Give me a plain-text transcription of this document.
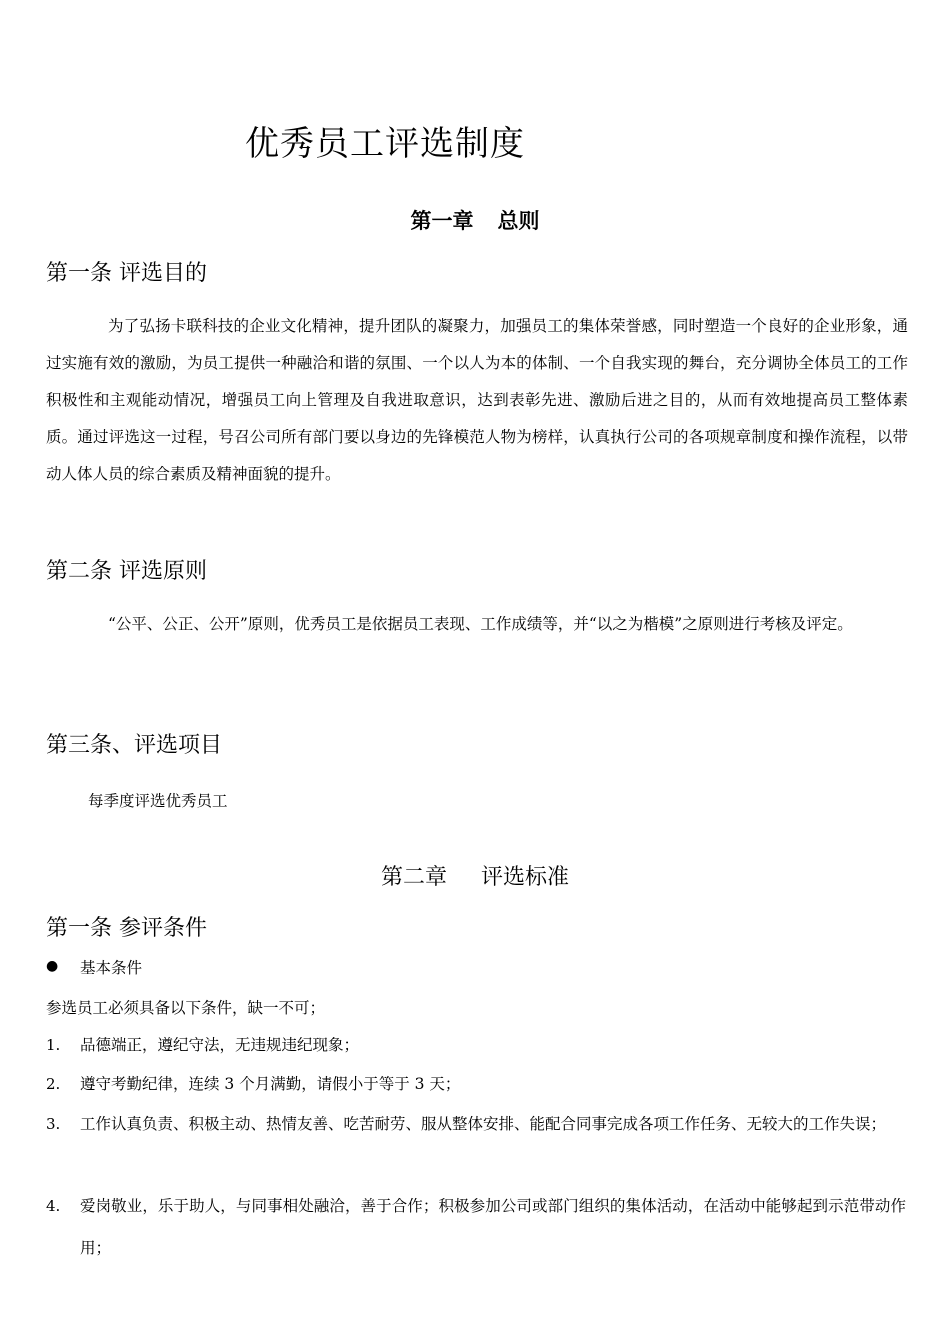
优秀员工评选制度
第一章 总则
第一条 评选目的

为了弘扬卡联科技的企业文化精神，提升团队的凝聚力，加强员工的集体荣誉感，同时塑造一个良好的企业形象，通过实施有效的激励，为员工提供一种融洽和谐的氛围、一个以人为本的体制、一个自我实现的舞台，充分调协全体员工的工作积极性和主观能动情况，增强员工向上管理及自我进取意识，达到表彰先进、激励后进之目的，从而有效地提高员工整体素质。通过评选这一过程，号召公司所有部门要以身边的先锋模范人物为榜样，认真执行公司的各项规章制度和操作流程，以带动人体人员的综合素质及精神面貌的提升。

第二条 评选原则

“公平、公正、公开”原则，优秀员工是依据员工表现、工作成绩等，并“以之为楷模”之原则进行考核及评定。

第三条、评选项目
每季度评选优秀员工
第二章 评选标准
第一条 参评条件
● 基本条件
参选员工必须具备以下条件，缺一不可；
1. 品德端正，遵纪守法，无违规违纪现象；

2. 遵守考勤纪律，连续 3 个月满勤，请假小于等于 3 天；

3. 工作认真负责、积极主动、热情友善、吃苦耐劳、服从整体安排、能配合同事完成各项工作任务、无较大的工作失误；

4. 爱岗敬业，乐于助人，与同事相处融洽，善于合作；积极参加公司或部门组织的集体活动，在活动中能够起到示范带动作用；
